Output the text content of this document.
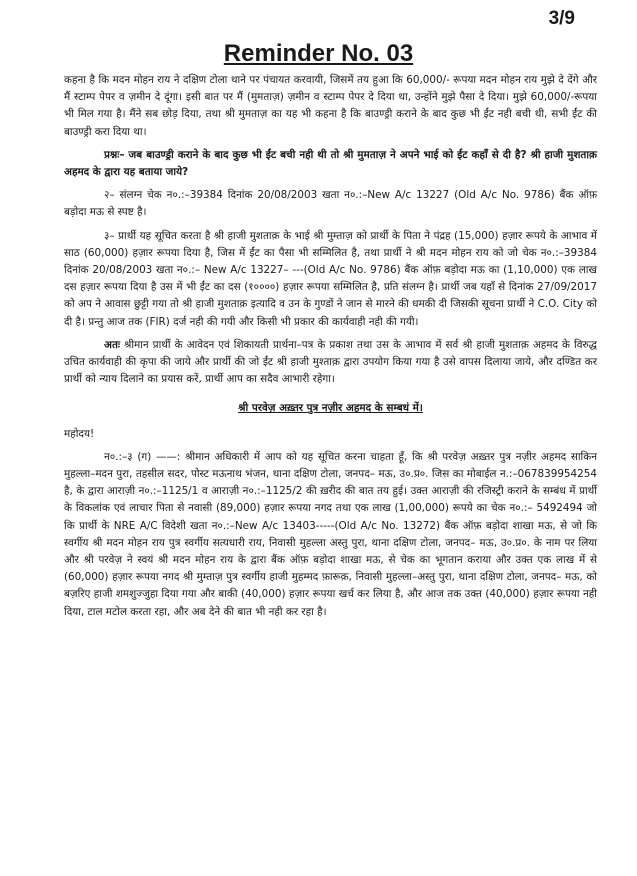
3/9
Reminder No. 03

कहना है कि मदन मोहन राय ने दक्षिण टोला थाने पर पंचायत करवायी, जिसमें तय हुआ कि 60,000/- रूपया मदन मोहन राय मुझे दे देंगे और मैं स्टाम्प पेपर व ज़मीन दे दूंगा। इसी बात पर मैं (मुमताज़) ज़मीन व स्टाम्प पेपर दे दिया था, उन्होंने मुझे पैसा दे दिया। मुझे 60,000/-रूपया भी मिल गया है। मैंने सब छोड़ दिया, तथा श्री मुमताज़ का यह भी कहना है कि बाउण्ड्री कराने के बाद कुछ भी ईंट नही बची थी, सभी ईंट की बाउण्ड्री करा दिया था।

प्रश्नः– जब बाउण्ड्री कराने के बाद कुछ भी ईंट बची नही थी तो श्री मुमताज़ ने अपने भाई को ईंट कहाँ से दी है? श्री हाजी मुशताक़ अहमद के द्वारा यह बताया जाये?

२– संलग्न चेक न०.:–39384 दिनांक 20/08/2003 खता न०.:–New A/c 13227 (Old A/c No. 9786) बैंक ऑफ़ बड़ोदा मऊ से स्पष्ट है।

३– प्रार्थी यह सूचित करता है श्री हाजी मुशताक़ के भाई श्री मुम्ताज़ को प्रार्थी के पिता ने पंद्रह (15,000) हज़ार रूपये के आभाव में साठ (60,000) हज़ार रूपया दिया है, जिस में ईंट का पैसा भी सम्मिलित है, तथा प्रार्थी ने श्री मदन मोहन राय को जो चेक न०.:–39384 दिनांक 20/08/2003 खता न०.:– New A/c 13227– ---(Old A/c No. 9786) बैंक ऑफ़ बड़ोदा मऊ का (1,10,000) एक लाख दस हज़ार रूपया दिया है उस में भी ईंट का दस (१००००) हज़ार रूपया सम्मिलित है, प्रति संलग्न है। प्रार्थी जब यहाँ से दिनांक 27/09/2017 को अप ने आवास छुट्टी गया तो श्री हाजी मुशताक़ इत्यादि व उन के गुण्डों ने जान से मारने की धमकी दी जिसकी सूचना प्रार्थी ने C.O. City को दी है। प्रन्तु आज तक (FIR) दर्ज नही की गयी और किसी भी प्रकार की कार्यवाही नही की गयी।

अतः श्रीमान प्रार्थी के आवेदन एवं शिकायती प्रार्थना–पत्र के प्रकाश तथा उस के आभाव में सर्व श्री हाजी मुशताक़ अहमद के विरुद्ध उचित कार्यवाही की कृपा की जाये और प्रार्थी की जो ईंट श्री हाजी मुश्ताक़ द्वारा उपयोग किया गया है उसे वापस दिलाया जाये, और दण्डित कर प्रार्थी को न्याय दिलाने का प्रयास करें, प्रार्थी आप का सदैव आभारी रहेगा।

श्री परवेज़ अख़्तर पुत्र नज़ीर अहमद के सम्बधं में।

महोदय!

न०.:–३ (ग) ——: श्रीमान अधिकारी में आप को यह सूचित करना चाहता हूँ, कि श्री परवेज़ अख़्तर पुत्र नज़ीर अहमद साकिन मुहल्ला–मदन पुरा, तहसील सदर, पोस्ट मऊनाथ भंजन, थाना दक्षिण टोला, जनपद– मऊ, उ०.प्र०. जिस का मोबाईल न.:–067839954254 है, के द्वारा आराज़ी न०.:–1125/1 व आराज़ी न०.:–1125/2 की ख़रीद की बात तय हुई। उक्त आराज़ी की रजिस्ट्री कराने के सम्बंध में प्रार्थी के विकलांक एवं लाचार पिता से नवासी (89,000) हज़ार रूपया नगद तथा एक लाख (1,00,000) रूपये का चेक न०.:– 5492494 जो कि प्रार्थी के NRE A/C विदेशी खता न०.:–New A/c 13403-----(Old A/c No. 13272) बैंक ऑफ़ बड़ोदा शाखा मऊ, से जो कि स्वर्गीय श्री मदन मोहन राय पुत्र स्वर्गीय सत्यधारी राय, निवासी मुहल्ला अस्तु पुरा, थाना दक्षिण टोला, जनपद– मऊ, उ०.प्र०. के नाम पर लिया और श्री परवेज़ ने स्वयं श्री मदन मोहन राय के द्वारा बैंक ऑफ़ बड़ोदा शाखा मऊ, से चेक का भूगतान कराया और उक्त एक लाख में से (60,000) हज़ार रूपया नगद श्री मुम्ताज़ पुत्र स्वर्गीय हाजी मुहम्मद फ़ारूक़, निवासी मुहल्ला–अस्तु पुरा, थाना दक्षिण टोला, जनपद– मऊ, को बज़रिए हाजी शमशुज्जुहा दिया गया और बाकी (40,000) हज़ार रूपया खर्च कर लिया है, और आज तक उक्त (40,000) हज़ार रूपया नही दिया, टाल मटोल करता रहा, और अब देने की बात भी नही कर रहा है।
